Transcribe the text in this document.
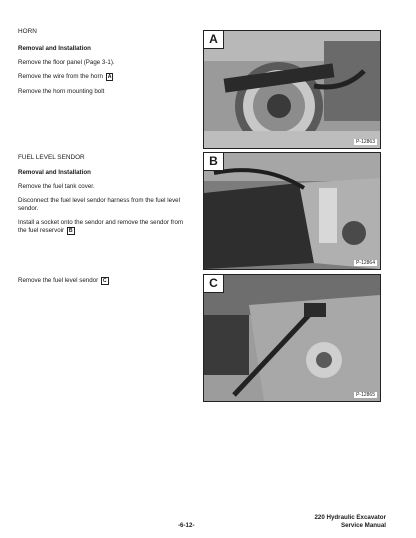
HORN
Removal and Installation
Remove the floor panel (Page 3-1).
Remove the wire from the horn A
Remove the horn mounting bolt
FUEL LEVEL SENDOR
Removal and Installation
Remove the fuel tank cover.
Disconnect the fuel level sendor harness from the fuel level sendor.
Install a socket onto the sendor and remove the sendor from the fuel reservoir B
Remove the fuel level sendor C
A
P-12863
B
P-12864
C
P-12865
-6-12-
220 Hydraulic Excavator
Service Manual
